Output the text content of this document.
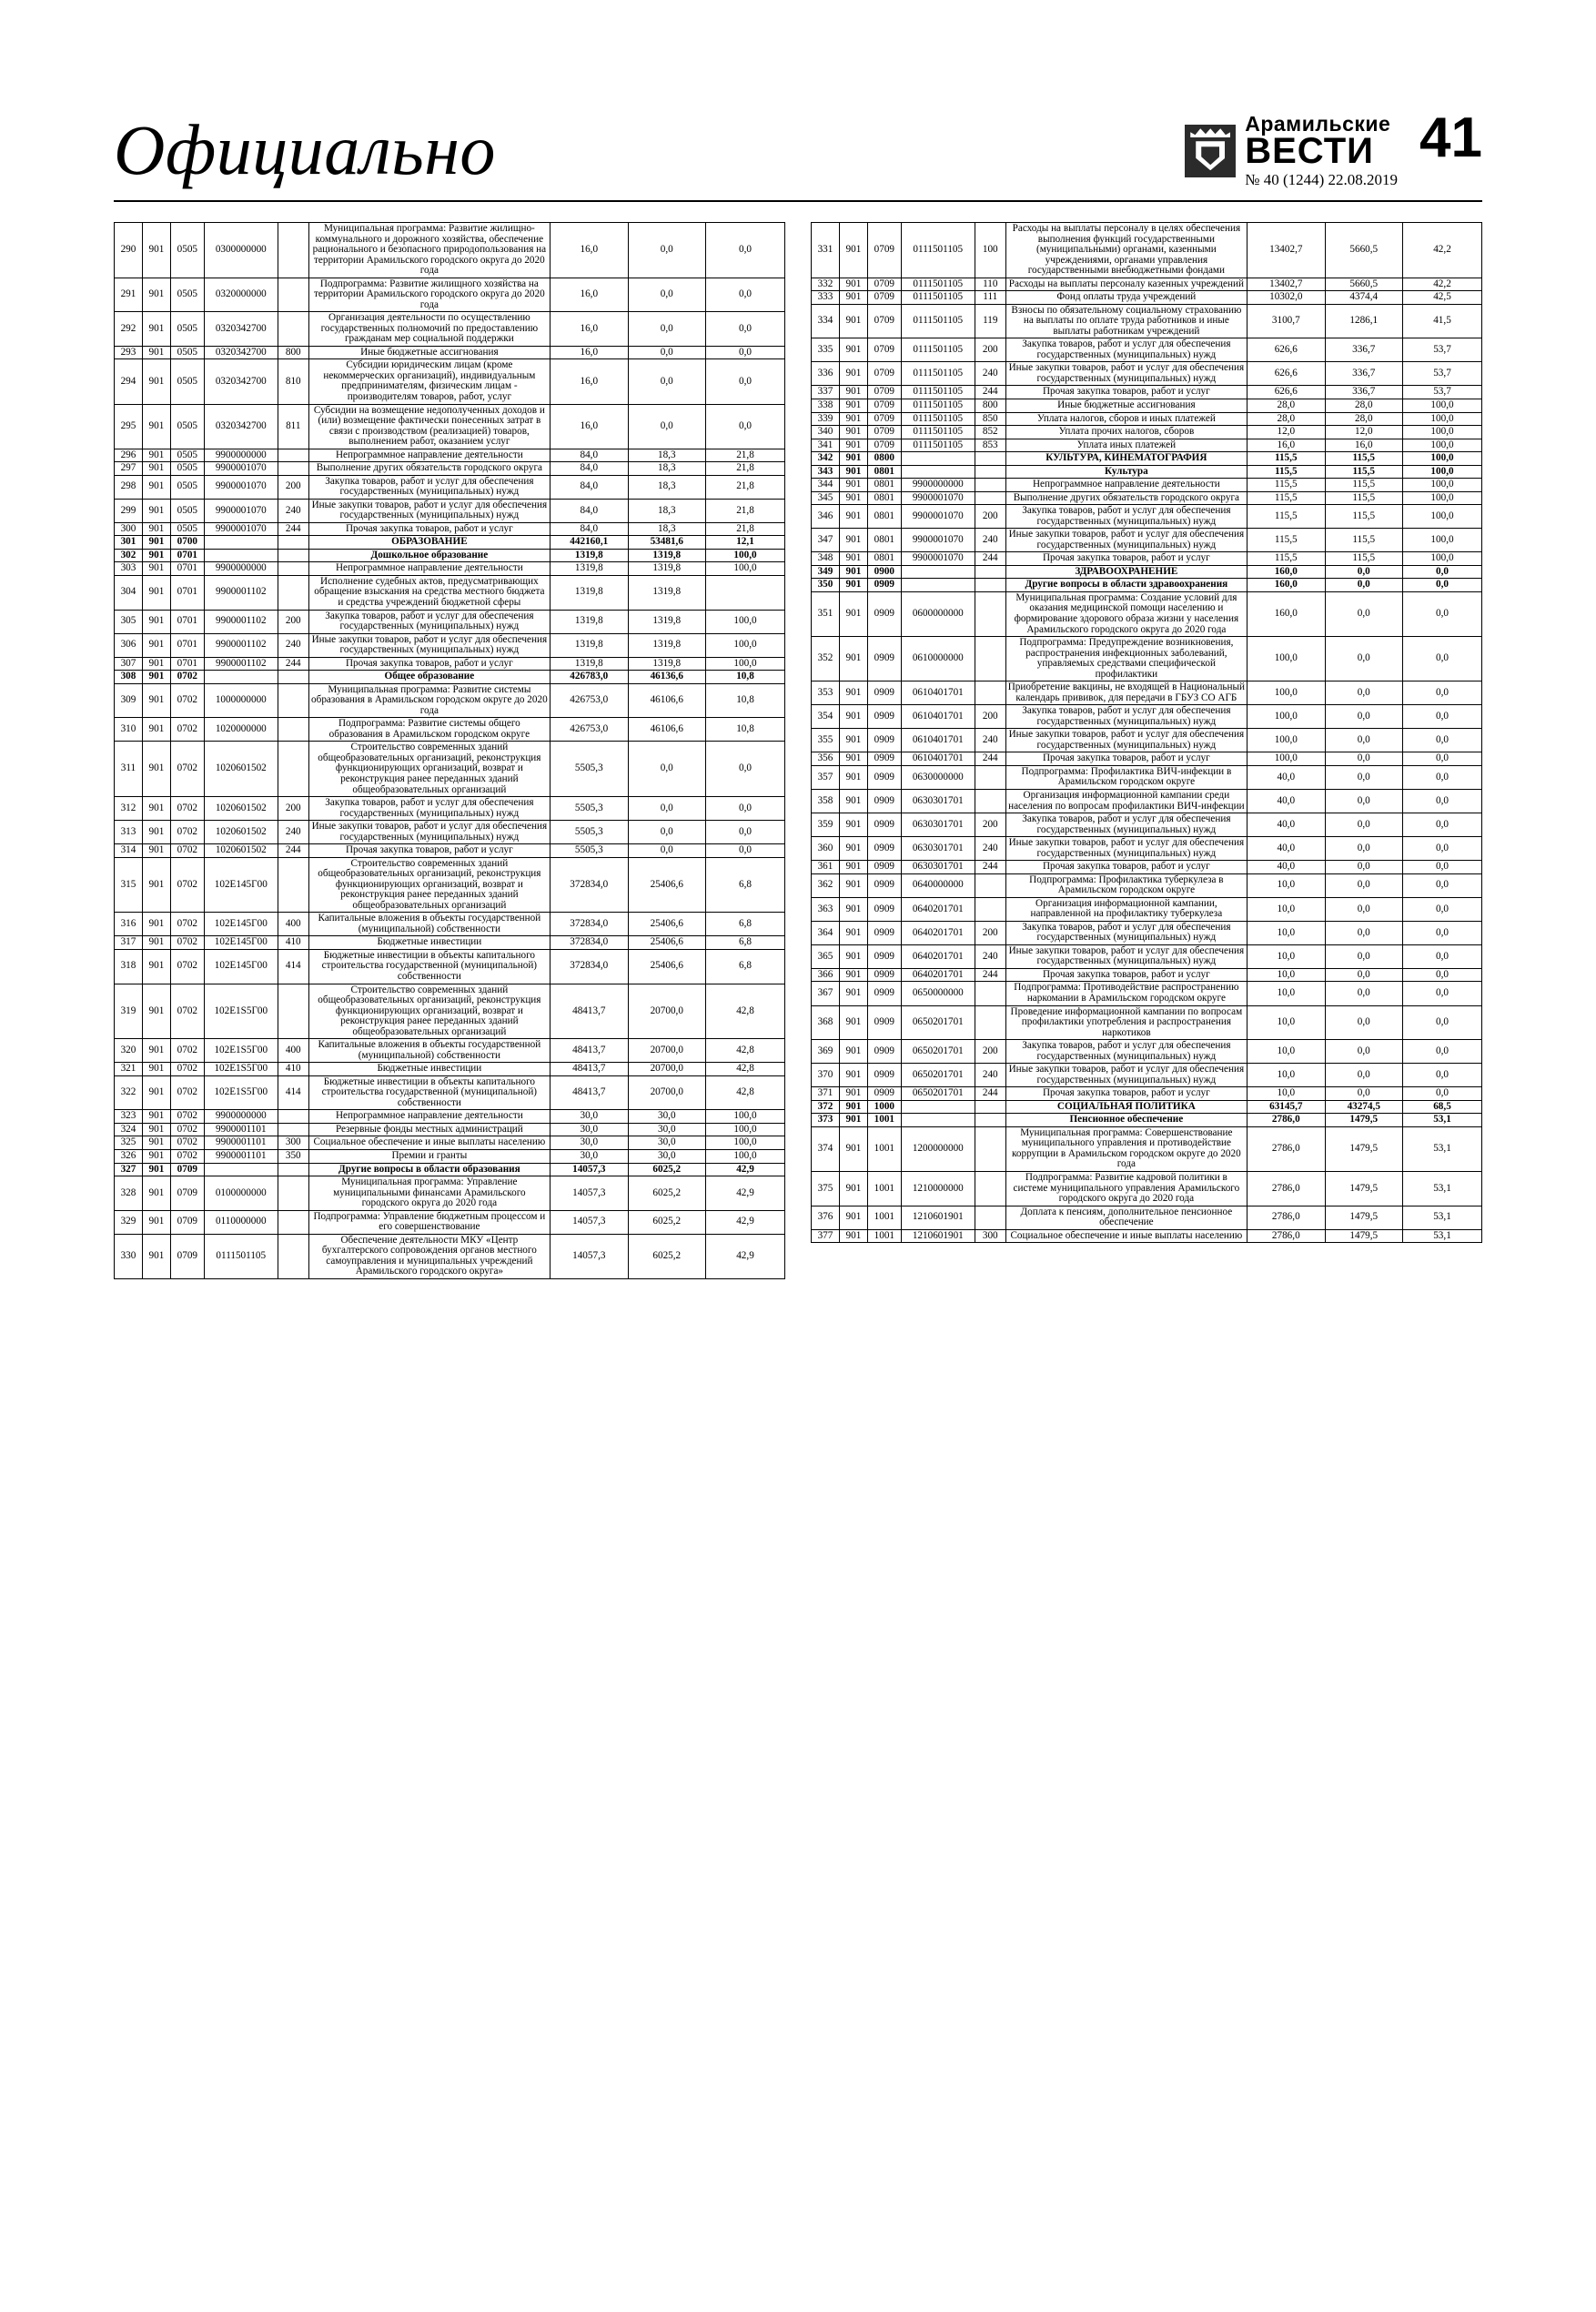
Официально	Арамильские
ВЕСТИ
№ 40 (1244) 22.08.2019
41
290	901	0505	0300000000		Муниципальная программа: Развитие жилищно-коммунального и дорожного хозяйства, обеспечение рационального и безопасного природопользования на территории Арамильского городского округа до 2020 года	16,0	0,0	0,0
291	901	0505	0320000000		Подпрограмма: Развитие жилищного хозяйства на территории Арамильского городского округа до 2020 года	16,0	0,0	0,0
292	901	0505	0320342700		Организация деятельности по осуществлению государственных полномочий по предоставлению гражданам мер социальной поддержки	16,0	0,0	0,0
293	901	0505	0320342700	800	Иные бюджетные ассигнования	16,0	0,0	0,0
294	901	0505	0320342700	810	Субсидии юридическим лицам (кроме некоммерческих организаций), индивидуальным предпринимателям, физическим лицам - производителям товаров, работ, услуг	16,0	0,0	0,0
295	901	0505	0320342700	811	Субсидии на возмещение недополученных доходов и (или) возмещение фактически понесенных затрат в связи с производством (реализацией) товаров, выполнением работ, оказанием услуг	16,0	0,0	0,0
296	901	0505	9900000000		Непрограммное направление деятельности	84,0	18,3	21,8
297	901	0505	9900001070		Выполнение других обязательств городского округа	84,0	18,3	21,8
298	901	0505	9900001070	200	Закупка товаров, работ и услуг для обеспечения государственных (муниципальных) нужд	84,0	18,3	21,8
299	901	0505	9900001070	240	Иные закупки товаров, работ и услуг для обеспечения государственных (муниципальных) нужд	84,0	18,3	21,8
300	901	0505	9900001070	244	Прочая закупка товаров, работ и услуг	84,0	18,3	21,8
301	901	0700			ОБРАЗОВАНИЕ	442160,1	53481,6	12,1
302	901	0701			Дошкольное образование	1319,8	1319,8	100,0
303	901	0701	9900000000		Непрограммное направление деятельности	1319,8	1319,8	100,0
304	901	0701	9900001102		Исполнение судебных актов, предусматривающих обращение взыскания на средства местного бюджета и средства учреждений бюджетной сферы	1319,8	1319,8	
305	901	0701	9900001102	200	Закупка товаров, работ и услуг для обеспечения государственных (муниципальных) нужд	1319,8	1319,8	100,0
306	901	0701	9900001102	240	Иные закупки товаров, работ и услуг для обеспечения государственных (муниципальных) нужд	1319,8	1319,8	100,0
307	901	0701	9900001102	244	Прочая закупка товаров, работ и услуг	1319,8	1319,8	100,0
308	901	0702			Общее образование	426783,0	46136,6	10,8
309	901	0702	1000000000		Муниципальная программа: Развитие системы образования в Арамильском городском округе до 2020 года	426753,0	46106,6	10,8
310	901	0702	1020000000		Подпрограмма: Развитие системы общего образования в Арамильском городском округе	426753,0	46106,6	10,8
311	901	0702	1020601502		Строительство современных зданий общеобразовательных организаций, реконструкция функционирующих организаций, возврат и реконструкция ранее переданных зданий общеобразовательных организаций	5505,3	0,0	0,0
312	901	0702	1020601502	200	Закупка товаров, работ и услуг для обеспечения государственных (муниципальных) нужд	5505,3	0,0	0,0
313	901	0702	1020601502	240	Иные закупки товаров, работ и услуг для обеспечения государственных (муниципальных) нужд	5505,3	0,0	0,0
314	901	0702	1020601502	244	Прочая закупка товаров, работ и услуг	5505,3	0,0	0,0
315	901	0702	102Е145Г00		Строительство современных зданий общеобразовательных организаций, реконструкция функционирующих организаций, возврат и реконструкция ранее переданных зданий общеобразовательных организаций	372834,0	25406,6	6,8
316	901	0702	102Е145Г00	400	Капитальные вложения в объекты государственной (муниципальной) собственности	372834,0	25406,6	6,8
317	901	0702	102Е145Г00	410	Бюджетные инвестиции	372834,0	25406,6	6,8
318	901	0702	102Е145Г00	414	Бюджетные инвестиции в объекты капитального строительства государственной (муниципальной) собственности	372834,0	25406,6	6,8
319	901	0702	102Е1S5Г00		Строительство современных зданий общеобразовательных организаций, реконструкция функционирующих организаций, возврат и реконструкция ранее переданных зданий общеобразовательных организаций	48413,7	20700,0	42,8
320	901	0702	102Е1S5Г00	400	Капитальные вложения в объекты государственной (муниципальной) собственности	48413,7	20700,0	42,8
321	901	0702	102Е1S5Г00	410	Бюджетные инвестиции	48413,7	20700,0	42,8
322	901	0702	102Е1S5Г00	414	Бюджетные инвестиции в объекты капитального строительства государственной (муниципальной) собственности	48413,7	20700,0	42,8
323	901	0702	9900000000		Непрограммное направление деятельности	30,0	30,0	100,0
324	901	0702	9900001101		Резервные фонды местных администраций	30,0	30,0	100,0
325	901	0702	9900001101	300	Социальное обеспечение и иные выплаты населению	30,0	30,0	100,0
326	901	0702	9900001101	350	Премии и гранты	30,0	30,0	100,0
327	901	0709			Другие вопросы в области образования	14057,3	6025,2	42,9
328	901	0709	0100000000		Муниципальная программа: Управление муниципальными финансами Арамильского городского округа до 2020 года	14057,3	6025,2	42,9
329	901	0709	0110000000		Подпрограмма: Управление бюджетным процессом и его совершенствование	14057,3	6025,2	42,9
330	901	0709	0111501105		Обеспечение деятельности МКУ «Центр бухгалтерского сопровождения органов местного самоуправления и муниципальных учреждений Арамильского городского округа»	14057,3	6025,2	42,9
331	901	0709	0111501105	100	Расходы на выплаты персоналу в целях обеспечения выполнения функций государственными (муниципальными) органами, казенными учреждениями, органами управления государственными внебюджетными фондами	13402,7	5660,5	42,2
332	901	0709	0111501105	110	Расходы на выплаты персоналу казенных учреждений	13402,7	5660,5	42,2
333	901	0709	0111501105	111	Фонд оплаты труда учреждений	10302,0	4374,4	42,5
334	901	0709	0111501105	119	Взносы по обязательному социальному страхованию на выплаты по оплате труда работников и иные выплаты работникам учреждений	3100,7	1286,1	41,5
335	901	0709	0111501105	200	Закупка товаров, работ и услуг для обеспечения государственных (муниципальных) нужд	626,6	336,7	53,7
336	901	0709	0111501105	240	Иные закупки товаров, работ и услуг для обеспечения государственных (муниципальных) нужд	626,6	336,7	53,7
337	901	0709	0111501105	244	Прочая закупка товаров, работ и услуг	626,6	336,7	53,7
338	901	0709	0111501105	800	Иные бюджетные ассигнования	28,0	28,0	100,0
339	901	0709	0111501105	850	Уплата налогов, сборов и иных платежей	28,0	28,0	100,0
340	901	0709	0111501105	852	Уплата прочих налогов, сборов	12,0	12,0	100,0
341	901	0709	0111501105	853	Уплата иных платежей	16,0	16,0	100,0
342	901	0800			КУЛЬТУРА, КИНЕМАТОГРАФИЯ	115,5	115,5	100,0
343	901	0801			Культура	115,5	115,5	100,0
344	901	0801	9900000000		Непрограммное направление деятельности	115,5	115,5	100,0
345	901	0801	9900001070		Выполнение других обязательств городского округа	115,5	115,5	100,0
346	901	0801	9900001070	200	Закупка товаров, работ и услуг для обеспечения государственных (муниципальных) нужд	115,5	115,5	100,0
347	901	0801	9900001070	240	Иные закупки товаров, работ и услуг для обеспечения государственных (муниципальных) нужд	115,5	115,5	100,0
348	901	0801	9900001070	244	Прочая закупка товаров, работ и услуг	115,5	115,5	100,0
349	901	0900			ЗДРАВООХРАНЕНИЕ	160,0	0,0	0,0
350	901	0909			Другие вопросы в области здравоохранения	160,0	0,0	0,0
351	901	0909	0600000000		Муниципальная программа: Создание условий для оказания медицинской помощи населению и формирование здорового образа жизни у населения Арамильского городского округа до 2020 года	160,0	0,0	0,0
352	901	0909	0610000000		Подпрограмма: Предупреждение возникновения, распространения инфекционных заболеваний, управляемых средствами специфической профилактики	100,0	0,0	0,0
353	901	0909	0610401701		Приобретение вакцины, не входящей в Национальный календарь прививок, для передачи в ГБУЗ СО АГБ	100,0	0,0	0,0
354	901	0909	0610401701	200	Закупка товаров, работ и услуг для обеспечения государственных (муниципальных) нужд	100,0	0,0	0,0
355	901	0909	0610401701	240	Иные закупки товаров, работ и услуг для обеспечения государственных (муниципальных) нужд	100,0	0,0	0,0
356	901	0909	0610401701	244	Прочая закупка товаров, работ и услуг	100,0	0,0	0,0
357	901	0909	0630000000		Подпрограмма: Профилактика ВИЧ-инфекции в Арамильском городском округе	40,0	0,0	0,0
358	901	0909	0630301701		Организация информационной кампании среди населения по вопросам профилактики ВИЧ-инфекции	40,0	0,0	0,0
359	901	0909	0630301701	200	Закупка товаров, работ и услуг для обеспечения государственных (муниципальных) нужд	40,0	0,0	0,0
360	901	0909	0630301701	240	Иные закупки товаров, работ и услуг для обеспечения государственных (муниципальных) нужд	40,0	0,0	0,0
361	901	0909	0630301701	244	Прочая закупка товаров, работ и услуг	40,0	0,0	0,0
362	901	0909	0640000000		Подпрограмма: Профилактика туберкулеза в Арамильском городском округе	10,0	0,0	0,0
363	901	0909	0640201701		Организация информационной кампании, направленной на профилактику туберкулеза	10,0	0,0	0,0
364	901	0909	0640201701	200	Закупка товаров, работ и услуг для обеспечения государственных (муниципальных) нужд	10,0	0,0	0,0
365	901	0909	0640201701	240	Иные закупки товаров, работ и услуг для обеспечения государственных (муниципальных) нужд	10,0	0,0	0,0
366	901	0909	0640201701	244	Прочая закупка товаров, работ и услуг	10,0	0,0	0,0
367	901	0909	0650000000		Подпрограмма: Противодействие распространению наркомании в Арамильском городском округе	10,0	0,0	0,0
368	901	0909	0650201701		Проведение информационной кампании по вопросам профилактики употребления и распространения наркотиков	10,0	0,0	0,0
369	901	0909	0650201701	200	Закупка товаров, работ и услуг для обеспечения государственных (муниципальных) нужд	10,0	0,0	0,0
370	901	0909	0650201701	240	Иные закупки товаров, работ и услуг для обеспечения государственных (муниципальных) нужд	10,0	0,0	0,0
371	901	0909	0650201701	244	Прочая закупка товаров, работ и услуг	10,0	0,0	0,0
372	901	1000			СОЦИАЛЬНАЯ ПОЛИТИКА	63145,7	43274,5	68,5
373	901	1001			Пенсионное обеспечение	2786,0	1479,5	53,1
374	901	1001	1200000000		Муниципальная программа: Совершенствование муниципального управления и противодействие коррупции в Арамильском городском округе до 2020 года	2786,0	1479,5	53,1
375	901	1001	1210000000		Подпрограмма: Развитие кадровой политики в системе муниципального управления Арамильского городского округа до 2020 года	2786,0	1479,5	53,1
376	901	1001	1210601901		Доплата к пенсиям, дополнительное пенсионное обеспечение	2786,0	1479,5	53,1
377	901	1001	1210601901	300	Социальное обеспечение и иные выплаты населению	2786,0	1479,5	53,1
